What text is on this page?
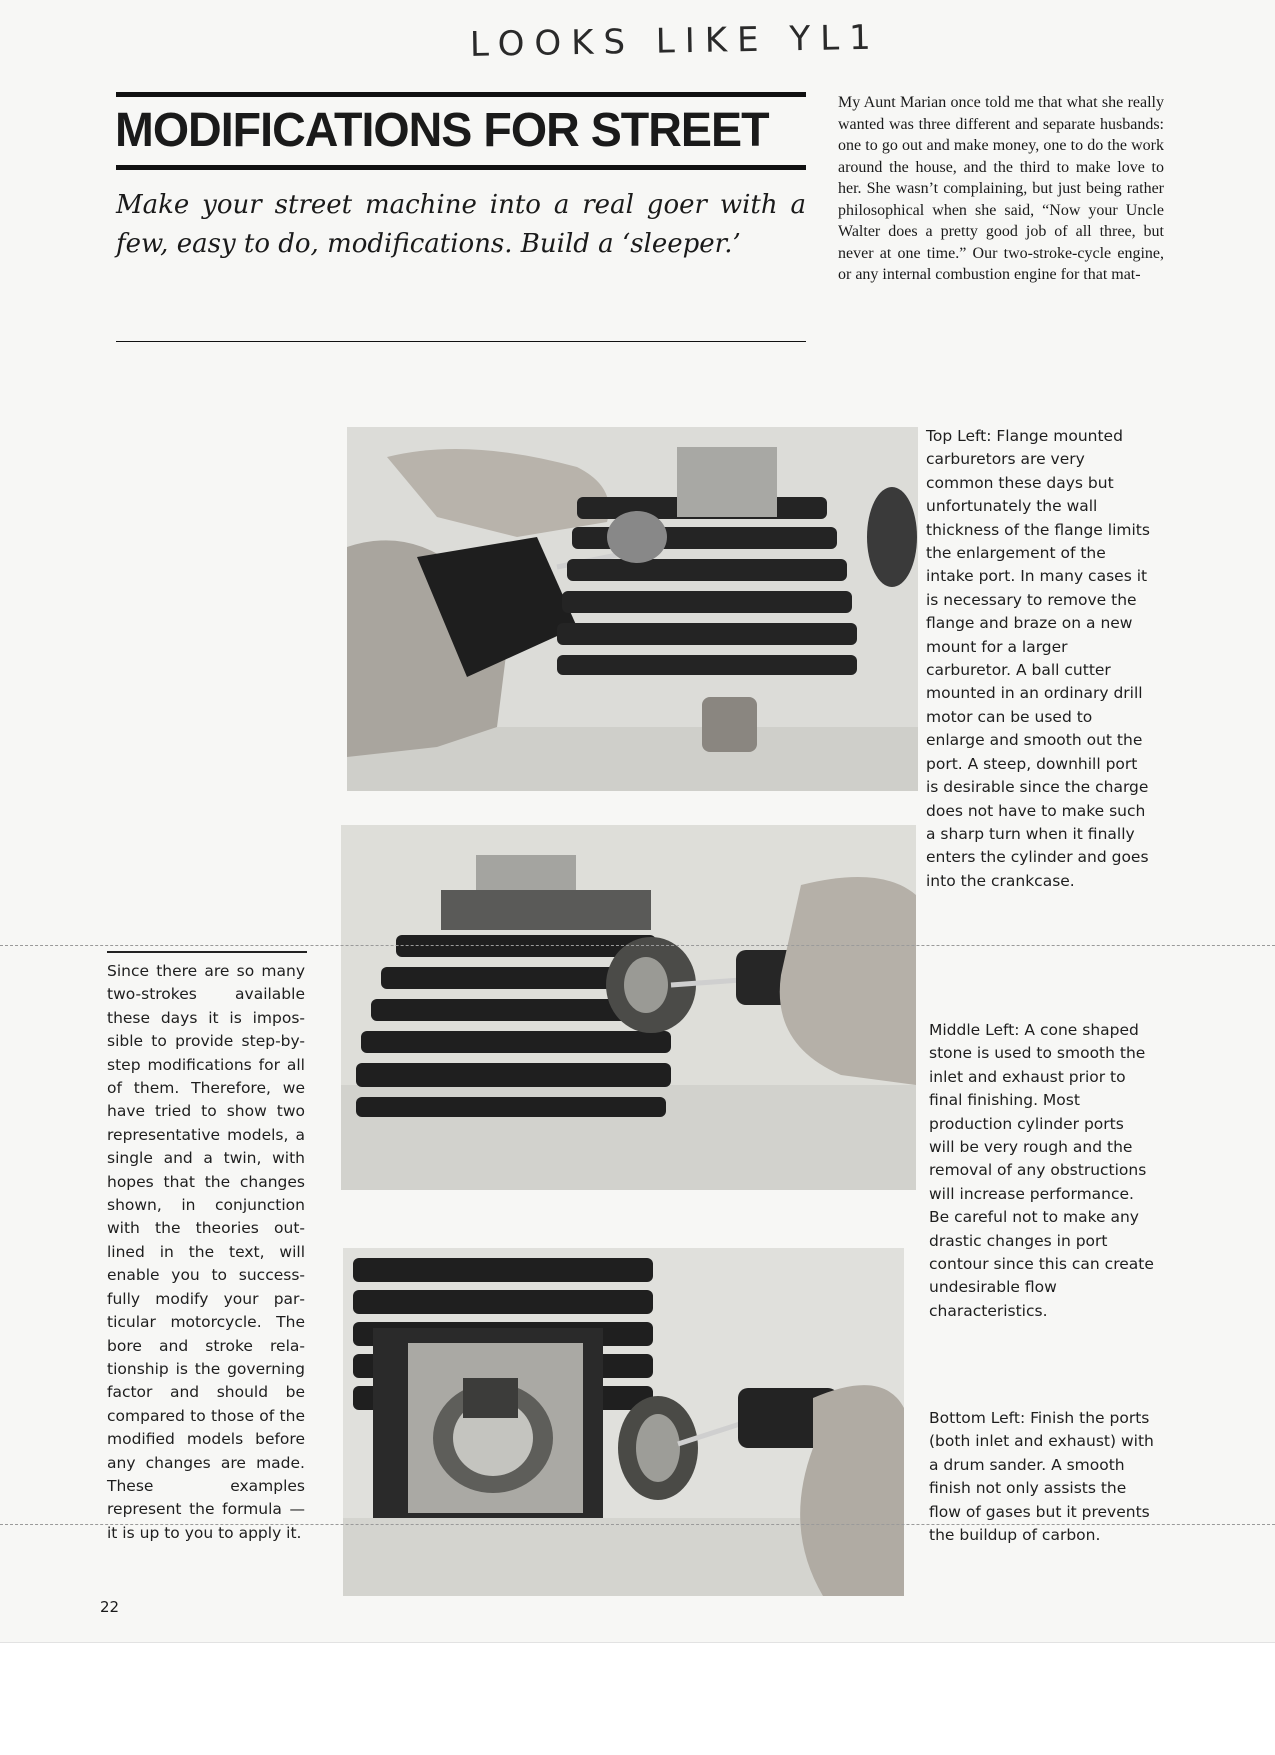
LOOKS LIKE YL1
MODIFICATIONS FOR STREET
Make your street machine into a real goer with a few, easy to do, modifications. Build a ‘sleeper.’
My Aunt Marian once told me that what she really wanted was three different and separate husbands: one to go out and make money, one to do the work around the house, and the third to make love to her. She wasn’t complaining, but just being rather philosophical when she said, “Now your Uncle Walter does a pretty good job of all three, but never at one time.” Our two-stroke-cycle engine, or any internal combustion engine for that mat-

Top Left: Flange mounted carburetors are very common these days but unfortunately the wall thickness of the flange limits the enlargement of the intake port. In many cases it is necessary to remove the flange and braze on a new mount for a larger carburetor. A ball cutter mounted in an ordinary drill motor can be used to enlarge and smooth out the port. A steep, downhill port is desirable since the charge does not have to make such a sharp turn when it finally enters the cylinder and goes into the crankcase.

Middle Left: A cone shaped stone is used to smooth the inlet and exhaust prior to final finishing. Most production cylinder ports will be very rough and the removal of any obstructions will increase performance. Be careful not to make any drastic changes in port contour since this can create undesirable flow characteristics.

Bottom Left: Finish the ports (both inlet and exhaust) with a drum sander. A smooth finish not only assists the flow of gases but it prevents the buildup of carbon.

Since there are so many two-strokes available these days it is impossible to provide step-by-step modifications for all of them. Therefore, we have tried to show two representative models, a single and a twin, with hopes that the changes shown, in conjunction with the theories outlined in the text, will enable you to successfully modify your particular motorcycle. The bore and stroke relationship is the governing factor and should be compared to those of the modified models before any changes are made. These examples represent the formula — it is up to you to apply it.
22
